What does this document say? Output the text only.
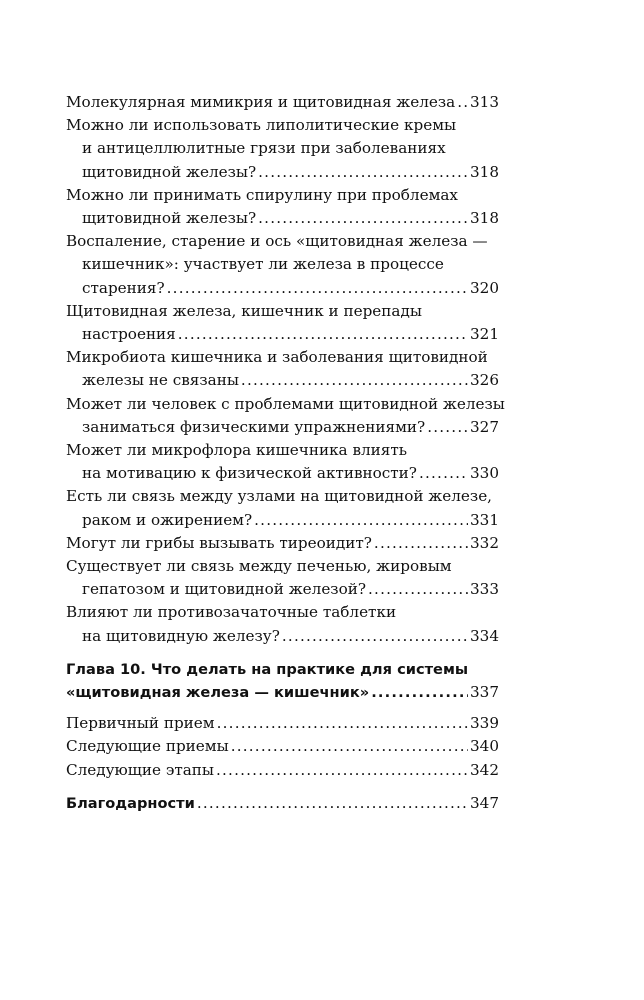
Молекулярная мимикрия и щитовидная железа ..... 313
Можно ли использовать липолитические кремы
и антицеллюлитные грязи при заболеваниях
щитовидной железы? .....	318
Можно ли принимать спирулину при проблемах
щитовидной железы? .....	318
Воспаление, старение и ось «щитовидная железа —
кишечник»: участвует ли железа в процессе
старения? .....	320
Щитовидная железа, кишечник и перепады
настроения .....	321
Микробиота кишечника и заболевания щитовидной
железы не связаны .....	326
Может ли человек с проблемами щитовидной железы
заниматься физическими упражнениями? .....	327
Может ли микрофлора кишечника влиять
на мотивацию к физической активности? .....	330
Есть ли связь между узлами на щитовидной железе,
раком и ожирением? .....	331
Могут ли грибы вызывать тиреоидит? .....	332
Существует ли связь между печенью, жировым
гепатозом и щитовидной железой? .....	333
Влияют ли противозачаточные таблетки
на щитовидную железу? .....	334
Глава 10. Что делать на практике для системы
«щитовидная железа — кишечник» .....	337
Первичный прием .....	339
Следующие приемы .....	340
Следующие этапы .....	342
Благодарности .....	347
